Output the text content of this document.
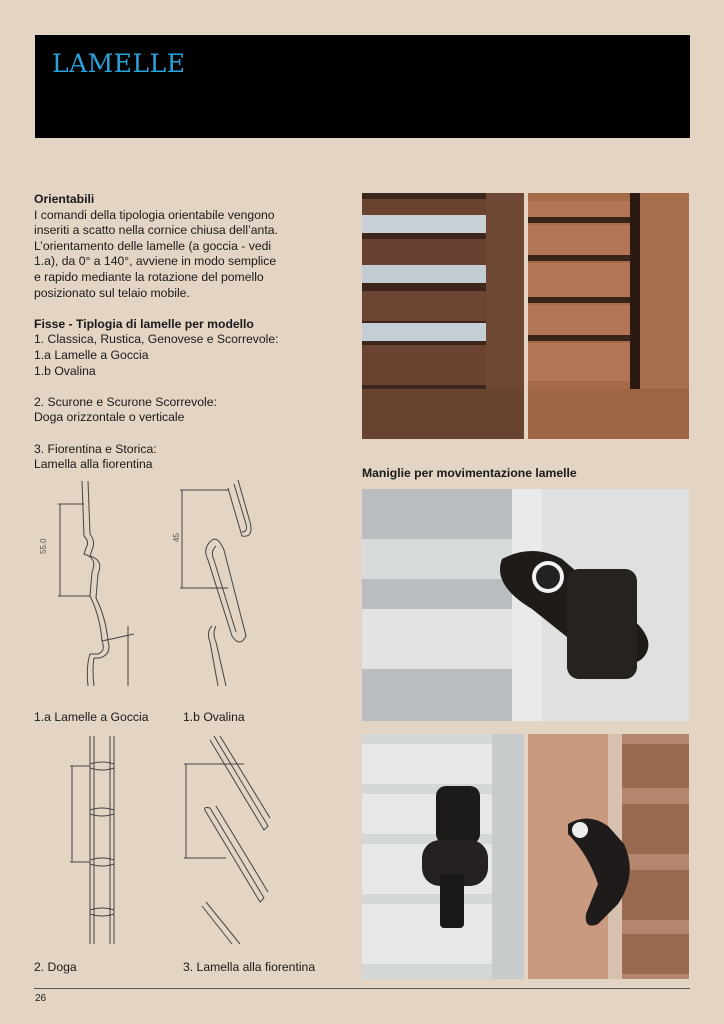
LAMELLE

Orientabili

I comandi della tipologia orientabile vengono

inseriti a scatto nella cornice chiusa dell’anta.

L’orientamento delle lamelle (a goccia - vedi

1.a), da 0° a 140°, avviene in modo semplice

e rapido mediante la rotazione del pomello

posizionato sul telaio mobile.

Fisse - Tiplogia di lamelle per modello

1. Classica, Rustica, Genovese e Scorrevole:

1.a Lamelle a Goccia

1.b Ovalina

2. Scurone e Scurone Scorrevole:

Doga orizzontale o verticale

3. Fiorentina e Storica:

Lamella alla fiorentina

55.0
1.a Lamelle a Goccia
45
1.b Ovalina
2. Doga	3. Lamella alla fiorentina
Maniglie per movimentazione lamelle
26
